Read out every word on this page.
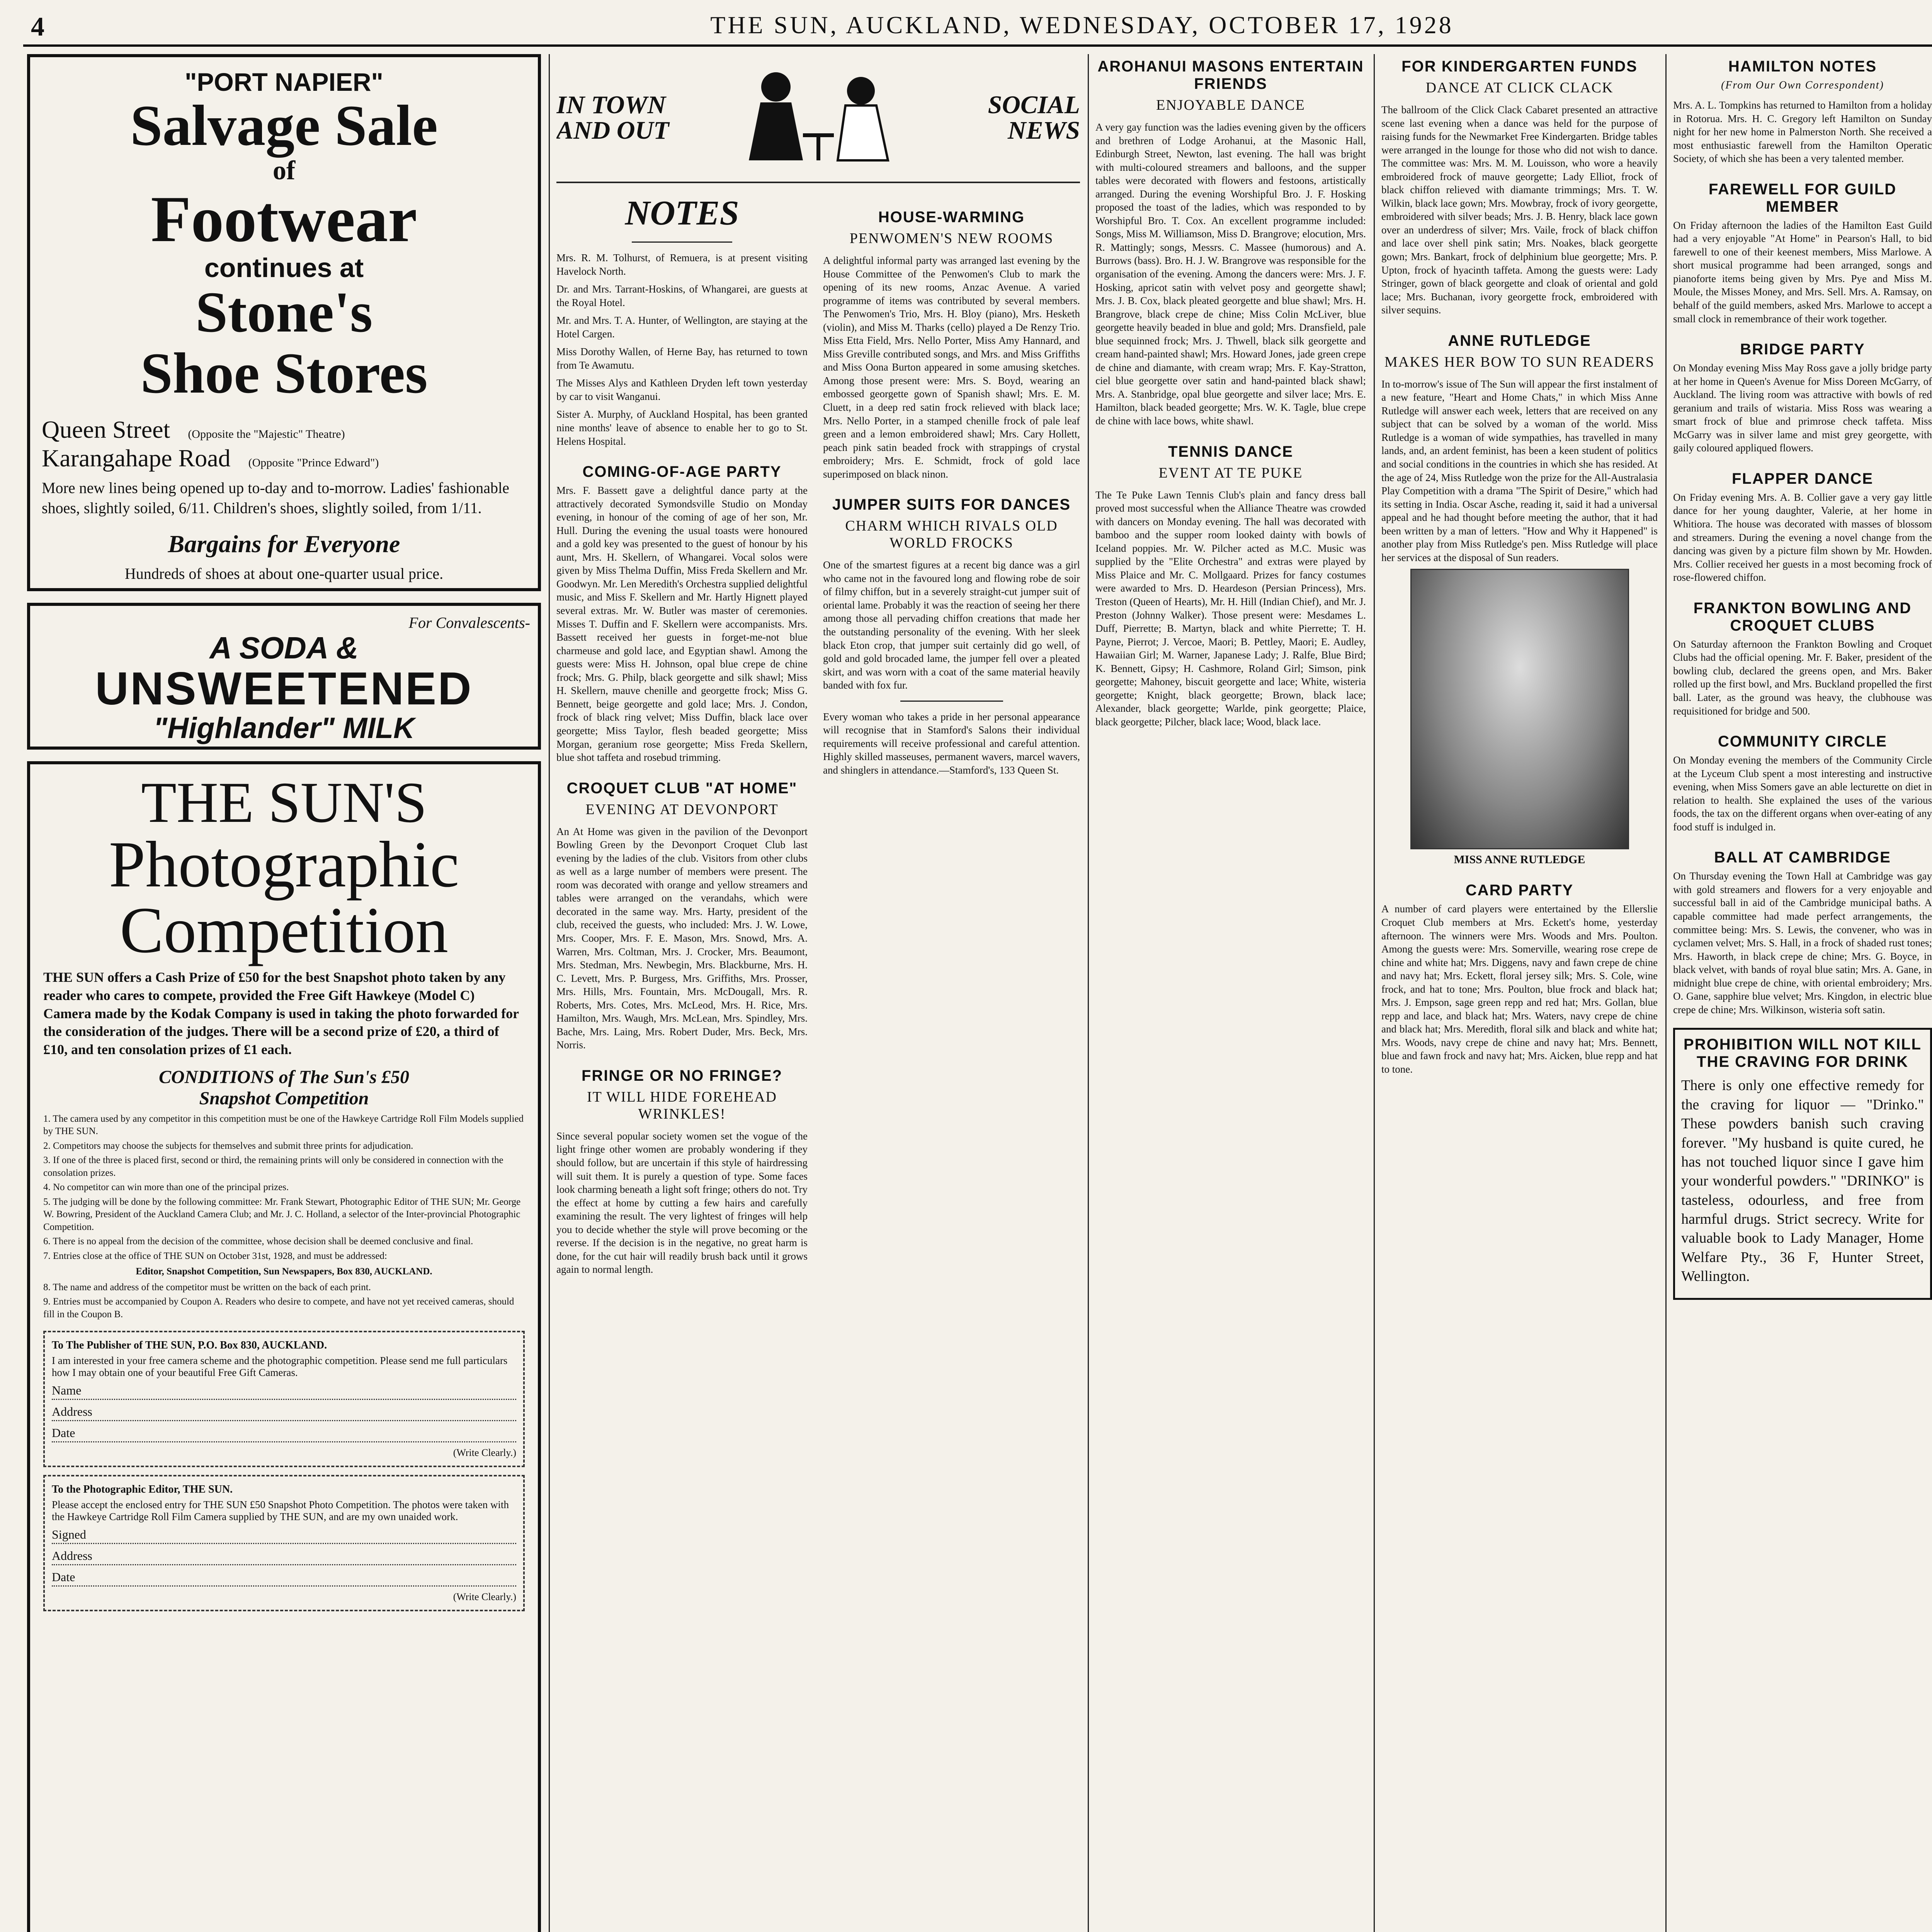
4	THE SUN, AUCKLAND, WEDNESDAY, OCTOBER 17, 1928
"PORT NAPIER"
Salvage Sale
of
Footwear
continues at
Stone's
Shoe Stores
Queen Street (Opposite the "Majestic" Theatre)
Karangahape Road (Opposite "Prince Edward")

More new lines being opened up to-day and to-morrow. Ladies' fashionable shoes, slightly soiled, 6/11. Children's shoes, slightly soiled, from 1/11.

Bargains for Everyone

Hundreds of shoes at about one-quarter usual price.

For Convalescents-
A SODA &
UNSWEETENED
"Highlander" MILK
THE SUN'S
Photographic
Competition

THE SUN offers a Cash Prize of £50 for the best Snapshot photo taken by any reader who cares to compete, provided the Free Gift Hawkeye (Model C) Camera made by the Kodak Company is used in taking the photo forwarded for the consideration of the judges. There will be a second prize of £20, a third of £10, and ten consolation prizes of £1 each.

CONDITIONS of The Sun's £50
Snapshot Competition
1. The camera used by any competitor in this competition must be one of the Hawkeye Cartridge Roll Film Models supplied by THE SUN.
2. Competitors may choose the subjects for themselves and submit three prints for adjudication.
3. If one of the three is placed first, second or third, the remaining prints will only be considered in connection with the consolation prizes.
4. No competitor can win more than one of the principal prizes.
5. The judging will be done by the following committee: Mr. Frank Stewart, Photographic Editor of THE SUN; Mr. George W. Bowring, President of the Auckland Camera Club; and Mr. J. C. Holland, a selector of the Inter-provincial Photographic Competition.
6. There is no appeal from the decision of the committee, whose decision shall be deemed conclusive and final.
7. Entries close at the office of THE SUN on October 31st, 1928, and must be addressed:
Editor, Snapshot Competition, Sun Newspapers, Box 830, AUCKLAND.
8. The name and address of the competitor must be written on the back of each print.
9. Entries must be accompanied by Coupon A. Readers who desire to compete, and have not yet received cameras, should fill in the Coupon B.
To The Publisher of THE SUN, P.O. Box 830, AUCKLAND.
I am interested in your free camera scheme and the photographic competition. Please send me full particulars how I may obtain one of your beautiful Free Gift Cameras.
Name
Address
Date
(Write Clearly.)
To the Photographic Editor, THE SUN.
Please accept the enclosed entry for THE SUN £50 Snapshot Photo Competition. The photos were taken with the Hawkeye Cartridge Roll Film Camera supplied by THE SUN, and are my own unaided work.
Signed
Address
Date
(Write Clearly.)
IN TOWN AND OUT
SOCIAL NEWS
NOTES

Mrs. R. M. Tolhurst, of Remuera, is at present visiting Havelock North.

Dr. and Mrs. Tarrant-Hoskins, of Whangarei, are guests at the Royal Hotel.

Mr. and Mrs. T. A. Hunter, of Wellington, are staying at the Hotel Cargen.

Miss Dorothy Wallen, of Herne Bay, has returned to town from Te Awamutu.

The Misses Alys and Kathleen Dryden left town yesterday by car to visit Wanganui.

Sister A. Murphy, of Auckland Hospital, has been granted nine months' leave of absence to enable her to go to St. Helens Hospital.

COMING-OF-AGE PARTY

Mrs. F. Bassett gave a delightful dance party at the attractively decorated Symondsville Studio on Monday evening, in honour of the coming of age of her son, Mr. Hull. During the evening the usual toasts were honoured and a gold key was presented to the guest of honour by his aunt, Mrs. H. Skellern, of Whangarei. Vocal solos were given by Miss Thelma Duffin, Miss Freda Skellern and Mr. Goodwyn. Mr. Len Meredith's Orchestra supplied delightful music, and Miss F. Skellern and Mr. Hartly Hignett played several extras. Mr. W. Butler was master of ceremonies. Misses T. Duffin and F. Skellern were accompanists. Mrs. Bassett received her guests in forget-me-not blue charmeuse and gold lace, and Egyptian shawl. Among the guests were: Miss H. Johnson, opal blue crepe de chine frock; Mrs. G. Philp, black georgette and silk shawl; Miss H. Skellern, mauve chenille and georgette frock; Miss G. Bennett, beige georgette and gold lace; Mrs. J. Condon, frock of black ring velvet; Miss Duffin, black lace over georgette; Miss Taylor, flesh beaded georgette; Miss Morgan, geranium rose georgette; Miss Freda Skellern, blue shot taffeta and rosebud trimming.

CROQUET CLUB "AT HOME"
EVENING AT DEVONPORT

An At Home was given in the pavilion of the Devonport Bowling Green by the Devonport Croquet Club last evening by the ladies of the club. Visitors from other clubs as well as a large number of members were present. The room was decorated with orange and yellow streamers and tables were arranged on the verandahs, which were decorated in the same way. Mrs. Harty, president of the club, received the guests, who included: Mrs. J. W. Lowe, Mrs. Cooper, Mrs. F. E. Mason, Mrs. Snowd, Mrs. A. Warren, Mrs. Coltman, Mrs. J. Crocker, Mrs. Beaumont, Mrs. Stedman, Mrs. Newbegin, Mrs. Blackburne, Mrs. H. C. Levett, Mrs. P. Burgess, Mrs. Griffiths, Mrs. Prosser, Mrs. Hills, Mrs. Fountain, Mrs. McDougall, Mrs. R. Roberts, Mrs. Cotes, Mrs. McLeod, Mrs. H. Rice, Mrs. Hamilton, Mrs. Waugh, Mrs. McLean, Mrs. Spindley, Mrs. Bache, Mrs. Laing, Mrs. Robert Duder, Mrs. Beck, Mrs. Norris.

FRINGE OR NO FRINGE?
IT WILL HIDE FOREHEAD WRINKLES!

Since several popular society women set the vogue of the light fringe other women are probably wondering if they should follow, but are uncertain if this style of hairdressing will suit them. It is purely a question of type. Some faces look charming beneath a light soft fringe; others do not. Try the effect at home by cutting a few hairs and carefully examining the result. The very lightest of fringes will help you to decide whether the style will prove becoming or the reverse. If the decision is in the negative, no great harm is done, for the cut hair will readily brush back until it grows again to normal length.

HOUSE-WARMING
PENWOMEN'S NEW ROOMS

A delightful informal party was arranged last evening by the House Committee of the Penwomen's Club to mark the opening of its new rooms, Anzac Avenue. A varied programme of items was contributed by several members. The Penwomen's Trio, Mrs. H. Bloy (piano), Mrs. Hesketh (violin), and Miss M. Tharks (cello) played a De Renzy Trio. Miss Etta Field, Mrs. Nello Porter, Miss Amy Hannard, and Miss Greville contributed songs, and Mrs. and Miss Griffiths and Miss Oona Burton appeared in some amusing sketches. Among those present were: Mrs. S. Boyd, wearing an embossed georgette gown of Spanish shawl; Mrs. E. M. Cluett, in a deep red satin frock relieved with black lace; Mrs. Nello Porter, in a stamped chenille frock of pale leaf green and a lemon embroidered shawl; Mrs. Cary Hollett, peach pink satin beaded frock with strappings of crystal embroidery; Mrs. E. Schmidt, frock of gold lace superimposed on black ninon.

JUMPER SUITS FOR DANCES
CHARM WHICH RIVALS OLD WORLD FROCKS

One of the smartest figures at a recent big dance was a girl who came not in the favoured long and flowing robe de soir of filmy chiffon, but in a severely straight-cut jumper suit of oriental lame. Probably it was the reaction of seeing her there among those all pervading chiffon creations that made her the outstanding personality of the evening. With her sleek black Eton crop, that jumper suit certainly did go well, of gold and gold brocaded lame, the jumper fell over a pleated skirt, and was worn with a coat of the same material heavily banded with fox fur.

Every woman who takes a pride in her personal appearance will recognise that in Stamford's Salons their individual requirements will receive professional and careful attention. Highly skilled masseuses, permanent wavers, marcel wavers, and shinglers in attendance.—Stamford's, 133 Queen St.

AROHANUI MASONS ENTERTAIN FRIENDS
ENJOYABLE DANCE

A very gay function was the ladies evening given by the officers and brethren of Lodge Arohanui, at the Masonic Hall, Edinburgh Street, Newton, last evening. The hall was bright with multi-coloured streamers and balloons, and the supper tables were decorated with flowers and festoons, artistically arranged. During the evening Worshipful Bro. J. F. Hosking proposed the toast of the ladies, which was responded to by Worshipful Bro. T. Cox. An excellent programme included: Songs, Miss M. Williamson, Miss D. Brangrove; elocution, Mrs. R. Mattingly; songs, Messrs. C. Massee (humorous) and A. Burrows (bass). Bro. H. J. W. Brangrove was responsible for the organisation of the evening. Among the dancers were: Mrs. J. F. Hosking, apricot satin with velvet posy and georgette shawl; Mrs. J. B. Cox, black pleated georgette and blue shawl; Mrs. H. Brangrove, black crepe de chine; Miss Colin McLiver, blue georgette heavily beaded in blue and gold; Mrs. Dransfield, pale blue sequinned frock; Mrs. J. Thwell, black silk georgette and cream hand-painted shawl; Mrs. Howard Jones, jade green crepe de chine and diamante, with cream wrap; Mrs. F. Kay-Stratton, ciel blue georgette over satin and hand-painted black shawl; Mrs. A. Stanbridge, opal blue georgette and silver lace; Mrs. E. Hamilton, black beaded georgette; Mrs. W. K. Tagle, blue crepe de chine with lace bows, white shawl.

TENNIS DANCE
EVENT AT TE PUKE

The Te Puke Lawn Tennis Club's plain and fancy dress ball proved most successful when the Alliance Theatre was crowded with dancers on Monday evening. The hall was decorated with bamboo and the supper room looked dainty with bowls of Iceland poppies. Mr. W. Pilcher acted as M.C. Music was supplied by the "Elite Orchestra" and extras were played by Miss Plaice and Mr. C. Mollgaard. Prizes for fancy costumes were awarded to Mrs. D. Heardeson (Persian Princess), Mrs. Treston (Queen of Hearts), Mr. H. Hill (Indian Chief), and Mr. J. Preston (Johnny Walker). Those present were: Mesdames L. Duff, Pierrette; B. Martyn, black and white Pierrette; T. H. Payne, Pierrot; J. Vercoe, Maori; B. Pettley, Maori; E. Audley, Hawaiian Girl; M. Warner, Japanese Lady; J. Ralfe, Blue Bird; K. Bennett, Gipsy; H. Cashmore, Roland Girl; Simson, pink georgette; Mahoney, biscuit georgette and lace; White, wisteria georgette; Knight, black georgette; Brown, black lace; Alexander, black georgette; Warlde, pink georgette; Plaice, black georgette; Pilcher, black lace; Wood, black lace.

FOR KINDERGARTEN FUNDS
DANCE AT CLICK CLACK

The ballroom of the Click Clack Cabaret presented an attractive scene last evening when a dance was held for the purpose of raising funds for the Newmarket Free Kindergarten. Bridge tables were arranged in the lounge for those who did not wish to dance. The committee was: Mrs. M. M. Louisson, who wore a heavily embroidered frock of mauve georgette; Lady Elliot, frock of black chiffon relieved with diamante trimmings; Mrs. T. W. Wilkin, black lace gown; Mrs. Mowbray, frock of ivory georgette, embroidered with silver beads; Mrs. J. B. Henry, black lace gown over an underdress of silver; Mrs. Vaile, frock of black chiffon and lace over shell pink satin; Mrs. Noakes, black georgette gown; Mrs. Bankart, frock of delphinium blue georgette; Mrs. P. Upton, frock of hyacinth taffeta. Among the guests were: Lady Stringer, gown of black georgette and cloak of oriental and gold lace; Mrs. Buchanan, ivory georgette frock, embroidered with silver sequins.

ANNE RUTLEDGE
MAKES HER BOW TO SUN READERS

In to-morrow's issue of The Sun will appear the first instalment of a new feature, "Heart and Home Chats," in which Miss Anne Rutledge will answer each week, letters that are received on any subject that can be solved by a woman of the world. Miss Rutledge is a woman of wide sympathies, has travelled in many lands, and, an ardent feminist, has been a keen student of politics and social conditions in the countries in which she has resided. At the age of 24, Miss Rutledge won the prize for the All-Australasia Play Competition with a drama "The Spirit of Desire," which had its setting in India. Oscar Asche, reading it, said it had a universal appeal and he had thought before meeting the author, that it had been written by a man of letters. "How and Why it Happened" is another play from Miss Rutledge's pen. Miss Rutledge will place her services at the disposal of Sun readers.

MISS ANNE RUTLEDGE
CARD PARTY

A number of card players were entertained by the Ellerslie Croquet Club members at Mrs. Eckett's home, yesterday afternoon. The winners were Mrs. Woods and Mrs. Poulton. Among the guests were: Mrs. Somerville, wearing rose crepe de chine and white hat; Mrs. Diggens, navy and fawn crepe de chine and navy hat; Mrs. Eckett, floral jersey silk; Mrs. S. Cole, wine frock, and hat to tone; Mrs. Poulton, blue frock and black hat; Mrs. J. Empson, sage green repp and red hat; Mrs. Gollan, blue repp and lace, and black hat; Mrs. Waters, navy crepe de chine and black hat; Mrs. Meredith, floral silk and black and white hat; Mrs. Woods, navy crepe de chine and navy hat; Mrs. Bennett, blue and fawn frock and navy hat; Mrs. Aicken, blue repp and hat to tone.

HAMILTON NOTES
(From Our Own Correspondent)

Mrs. A. L. Tompkins has returned to Hamilton from a holiday in Rotorua. Mrs. H. C. Gregory left Hamilton on Sunday night for her new home in Palmerston North. She received a most enthusiastic farewell from the Hamilton Operatic Society, of which she has been a very talented member.

FAREWELL FOR GUILD MEMBER

On Friday afternoon the ladies of the Hamilton East Guild had a very enjoyable "At Home" in Pearson's Hall, to bid farewell to one of their keenest members, Miss Marlowe. A short musical programme had been arranged, songs and pianoforte items being given by Mrs. Pye and Miss M. Moule, the Misses Money, and Mrs. Sell. Mrs. A. Ramsay, on behalf of the guild members, asked Mrs. Marlowe to accept a small clock in remembrance of their work together.

BRIDGE PARTY

On Monday evening Miss May Ross gave a jolly bridge party at her home in Queen's Avenue for Miss Doreen McGarry, of Auckland. The living room was attractive with bowls of red geranium and trails of wistaria. Miss Ross was wearing a smart frock of blue and primrose check taffeta. Miss McGarry was in silver lame and mist grey georgette, with gaily coloured appliqued flowers.

FLAPPER DANCE

On Friday evening Mrs. A. B. Collier gave a very gay little dance for her young daughter, Valerie, at her home in Whitiora. The house was decorated with masses of blossom and streamers. During the evening a novel change from the dancing was given by a picture film shown by Mr. Howden. Mrs. Collier received her guests in a most becoming frock of rose-flowered chiffon.

FRANKTON BOWLING AND CROQUET CLUBS

On Saturday afternoon the Frankton Bowling and Croquet Clubs had the official opening. Mr. F. Baker, president of the bowling club, declared the greens open, and Mrs. Baker rolled up the first bowl, and Mrs. Buckland propelled the first ball. Later, as the ground was heavy, the clubhouse was requisitioned for bridge and 500.

COMMUNITY CIRCLE

On Monday evening the members of the Community Circle at the Lyceum Club spent a most interesting and instructive evening, when Miss Somers gave an able lecturette on diet in relation to health. She explained the uses of the various foods, the tax on the different organs when over-eating of any food stuff is indulged in.

BALL AT CAMBRIDGE

On Thursday evening the Town Hall at Cambridge was gay with gold streamers and flowers for a very enjoyable and successful ball in aid of the Cambridge municipal baths. A capable committee had made perfect arrangements, the committee being: Mrs. S. Lewis, the convener, who was in cyclamen velvet; Mrs. S. Hall, in a frock of shaded rust tones; Mrs. Haworth, in black crepe de chine; Mrs. G. Boyce, in black velvet, with bands of royal blue satin; Mrs. A. Gane, in midnight blue crepe de chine, with oriental embroidery; Mrs. O. Gane, sapphire blue velvet; Mrs. Kingdon, in electric blue crepe de chine; Mrs. Wilkinson, wisteria soft satin.

PROHIBITION WILL NOT KILL THE CRAVING FOR DRINK

There is only one effective remedy for the craving for liquor — "Drinko." These powders banish such craving forever. "My husband is quite cured, he has not touched liquor since I gave him your wonderful powders." "DRINKO" is tasteless, odourless, and free from harmful drugs. Strict secrecy. Write for valuable book to Lady Manager, Home Welfare Pty., 36 F, Hunter Street, Wellington.
